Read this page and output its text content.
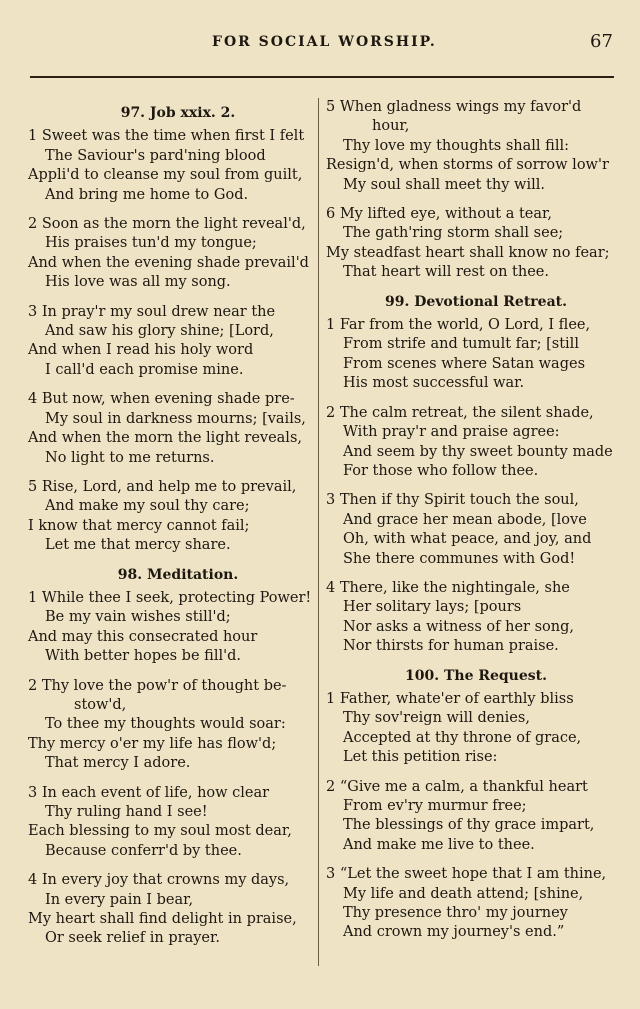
FOR SOCIAL WORSHIP.	67
97. Job xxix. 2.
1 Sweet was the time when first I felt
The Saviour's pard'ning blood
Appli'd to cleanse my soul from guilt,
And bring me home to God.
2 Soon as the morn the light reveal'd,
His praises tun'd my tongue;
And when the evening shade prevail'd
His love was all my song.
3 In pray'r my soul drew near the
And saw his glory shine; [Lord,
And when I read his holy word
I call'd each promise mine.
4 But now, when evening shade pre-
My soul in darkness mourns; [vails,
And when the morn the light reveals,
No light to me returns.
5 Rise, Lord, and help me to prevail,
And make my soul thy care;
I know that mercy cannot fail;
Let me that mercy share.
98. Meditation.
1 While thee I seek, protecting Power!
Be my vain wishes still'd;
And may this consecrated hour
With better hopes be fill'd.
2 Thy love the pow'r of thought be-
stow'd,
To thee my thoughts would soar:
Thy mercy o'er my life has flow'd;
That mercy I adore.
3 In each event of life, how clear
Thy ruling hand I see!
Each blessing to my soul most dear,
Because conferr'd by thee.
4 In every joy that crowns my days,
In every pain I bear,
My heart shall find delight in praise,
Or seek relief in prayer.
5 When gladness wings my favor'd
hour,
Thy love my thoughts shall fill:
Resign'd, when storms of sorrow low'r
My soul shall meet thy will.
6 My lifted eye, without a tear,
The gath'ring storm shall see;
My steadfast heart shall know no fear;
That heart will rest on thee.
99. Devotional Retreat.
1 Far from the world, O Lord, I flee,
From strife and tumult far; [still
From scenes where Satan wages
His most successful war.
2 The calm retreat, the silent shade,
With pray'r and praise agree:
And seem by thy sweet bounty made
For those who follow thee.
3 Then if thy Spirit touch the soul,
And grace her mean abode, [love
Oh, with what peace, and joy, and
She there communes with God!
4 There, like the nightingale, she
Her solitary lays; [pours
Nor asks a witness of her song,
Nor thirsts for human praise.
100. The Request.
1 Father, whate'er of earthly bliss
Thy sov'reign will denies,
Accepted at thy throne of grace,
Let this petition rise:
2 “Give me a calm, a thankful heart
From ev'ry murmur free;
The blessings of thy grace impart,
And make me live to thee.
3 “Let the sweet hope that I am thine,
My life and death attend; [shine,
Thy presence thro' my journey
And crown my journey's end.”
